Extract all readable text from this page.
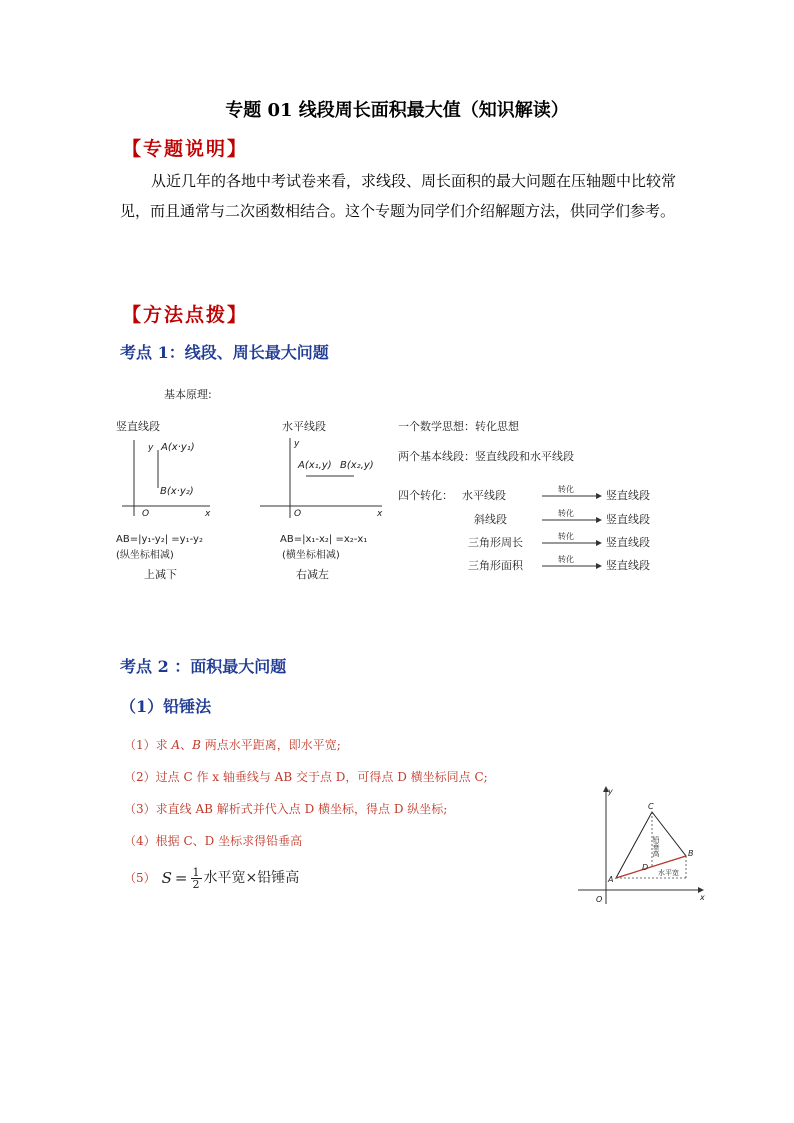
专题 01 线段周长面积最大值（知识解读）
【专题说明】
从近几年的各地中考试卷来看，求线段、周长面积的最大问题在压轴题中比较常见，而且通常与二次函数相结合。这个专题为同学们介绍解题方法，供同学们参考。
【方法点拨】
考点 1：线段、周长最大问题
基本原理:
竖直线段
y
x
O
A(x·y₁)
B(x·y₂)
AB=|y₁-y₂| =y₁-y₂
(纵坐标相减)
上减下
水平线段
y
x
O
A(x₁,y) B(x₂,y)
AB=|x₁-x₂| =x₂-x₁
(横坐标相减)
右减左
一个数学思想：转化思想
两个基本线段：竖直线段和水平线段
四个转化： 水平线段	转化	竖直线段
斜线段	转化	竖直线段
三角形周长	转化	竖直线段
三角形面积	转化	竖直线段
考点 2 ：面积最大问题
（1）铅锤法
（1）求 A、B 两点水平距离，即水平宽;
（2）过点 C 作 x 轴垂线与 AB 交于点 D，可得点 D 横坐标同点 C;
（3）求直线 AB 解析式并代入点 D 横坐标，得点 D 纵坐标;
（4）根据 C、D 坐标求得铅垂高
（5） $S = \frac{1}{2}$ 水平宽×铅锤高
y
x
O
C
B
A
D
铅垂高
水平宽
